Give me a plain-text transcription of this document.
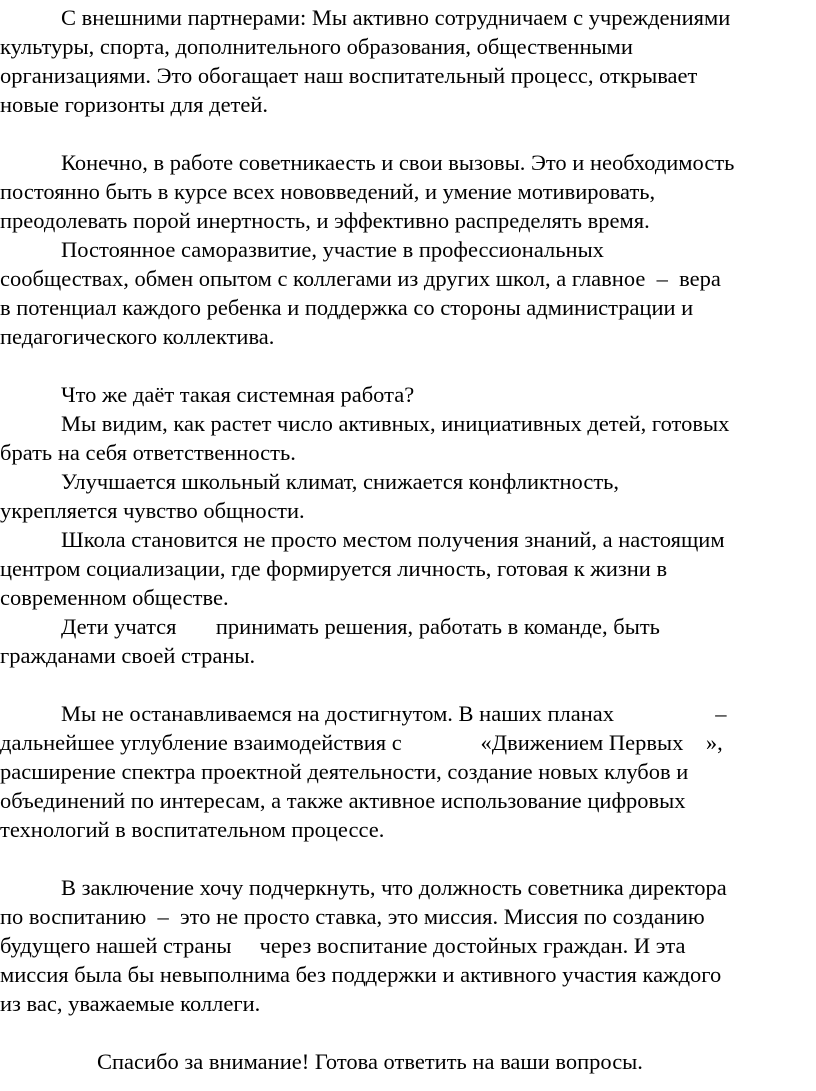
С внешними партнерами: Мы активно сотрудничаем с учреждениями
культуры, спорта, дополнительного образования, общественными
организациями. Это обогащает наш воспитательный процесс, открывает
новые горизонты для детей.
Конечно, в работе советникаесть и свои вызовы. Это и необходимость
постоянно быть в курсе всех нововведений, и умение мотивировать,
преодолевать порой инертность, и эффективно распределять время.
Постоянное саморазвитие, участие в профессиональных
сообществах, обмен опытом с коллегами из других школ, а главное  –  вера
в потенциал каждого ребенка и поддержка со стороны администрации и
педагогического коллектива.
Что же даёт такая системная работа?
Мы видим, как растет число активных, инициативных детей, готовых
брать на себя ответственность.
Улучшается школьный климат, снижается конфликтность,
укрепляется чувство общности.
Школа становится не просто местом получения знаний, а настоящим
центром социализации, где формируется личность, готовая к жизни в
современном обществе.
Дети учатся       принимать решения, работать в команде, быть
гражданами своей страны.
Мы не останавливаемся на достигнутом. В наших планах                  –
дальнейшее углубление взаимодействия с              «Движением Первых    »,
расширение спектра проектной деятельности, создание новых клубов и
объединений по интересам, а также активное использование цифровых
технологий в воспитательном процессе.
В заключение хочу подчеркнуть, что должность советника директора
по воспитанию  –  это не просто ставка, это миссия. Миссия по созданию
будущего нашей страны     через воспитание достойных граждан. И эта
миссия была бы невыполнима без поддержки и активного участия каждого
из вас, уважаемые коллеги.
Спасибо за внимание! Готова ответить на ваши вопросы.
